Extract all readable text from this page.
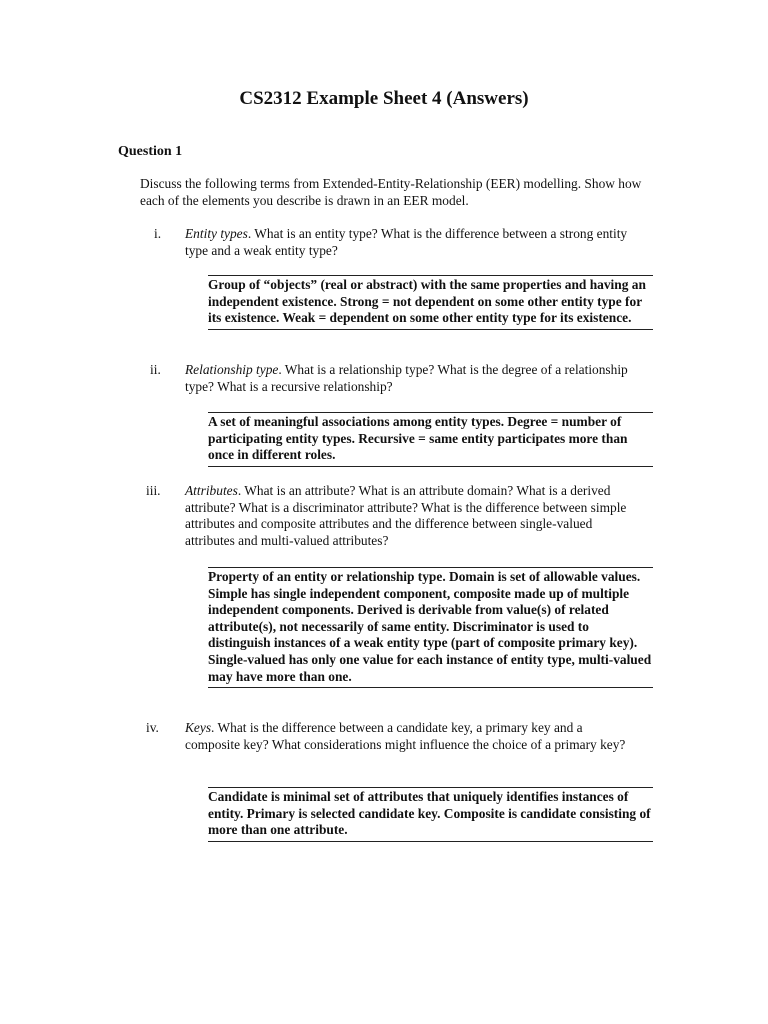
CS2312 Example Sheet 4 (Answers)
Question 1

Discuss the following terms from Extended-Entity-Relationship (EER) modelling. Show how each of the elements you describe is drawn in an EER model.

i. Entity types. What is an entity type? What is the difference between a strong entity type and a weak entity type?

Group of “objects” (real or abstract) with the same properties and having an independent existence. Strong = not dependent on some other entity type for its existence. Weak = dependent on some other entity type for its existence.

ii. Relationship type. What is a relationship type? What is the degree of a relationship type? What is a recursive relationship?

A set of meaningful associations among entity types. Degree = number of participating entity types. Recursive = same entity participates more than once in different roles.

iii. Attributes. What is an attribute? What is an attribute domain? What is a derived attribute? What is a discriminator attribute? What is the difference between simple attributes and composite attributes and the difference between single-valued attributes and multi-valued attributes?

Property of an entity or relationship type. Domain is set of allowable values. Simple has single independent component, composite made up of multiple independent components. Derived is derivable from value(s) of related attribute(s), not necessarily of same entity. Discriminator is used to distinguish instances of a weak entity type (part of composite primary key). Single-valued has only one value for each instance of entity type, multi-valued may have more than one.

iv. Keys. What is the difference between a candidate key, a primary key and a composite key? What considerations might influence the choice of a primary key?

Candidate is minimal set of attributes that uniquely identifies instances of entity. Primary is selected candidate key. Composite is candidate consisting of more than one attribute.
